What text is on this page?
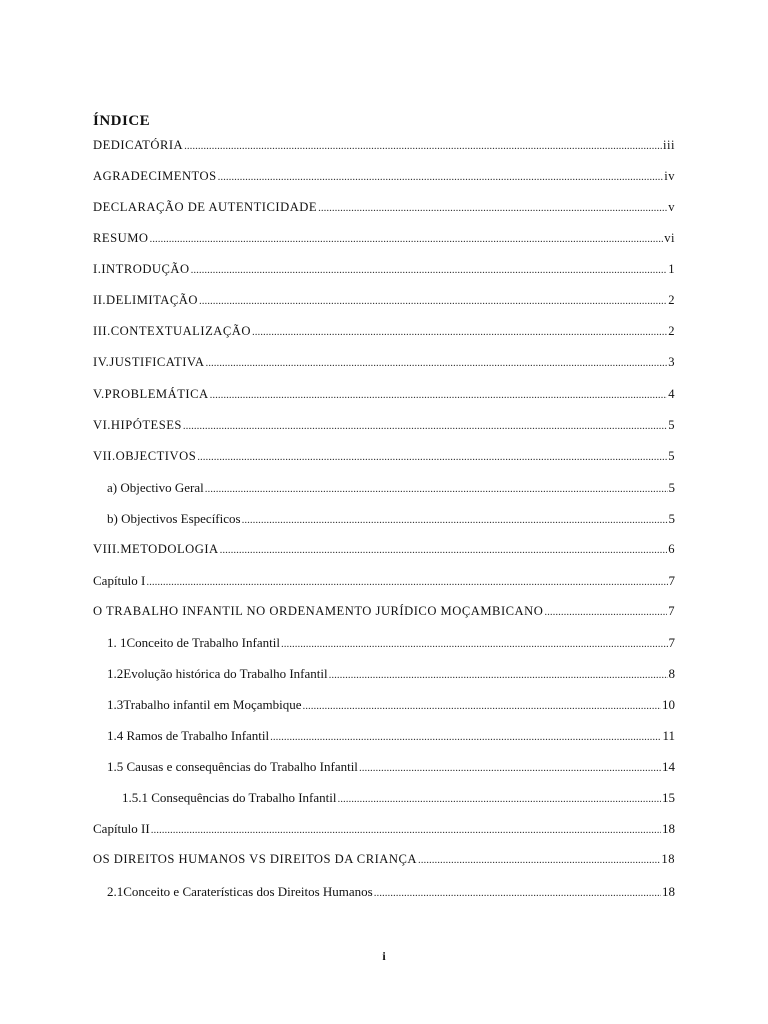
ÍNDICE
DEDICATÓRIA .....	iii
AGRADECIMENTOS .....	iv
DECLARAÇÃO DE AUTENTICIDADE .....	v
RESUMO .....	vi
I.INTRODUÇÃO .....	1
II.DELIMITAÇÃO .....	2
III.CONTEXTUALIZAÇÃO .....	2
IV.JUSTIFICATIVA .....	3
V.PROBLEMÁTICA .....	4
VI.HIPÓTESES .....	5
VII.OBJECTIVOS .....	5
a) Objectivo Geral .....	5
b) Objectivos Específicos .....	5
VIII.METODOLOGIA .....	6
Capítulo I .....	7
O TRABALHO INFANTIL NO ORDENAMENTO JURÍDICO MOÇAMBICANO .....	7
1. 1Conceito de Trabalho Infantil .....	7
1.2Evolução histórica do Trabalho Infantil .....	8
1.3Trabalho infantil em Moçambique .....	10
1.4 Ramos de Trabalho Infantil .....	11
1.5 Causas e consequências do Trabalho Infantil .....	14
1.5.1 Consequências do Trabalho Infantil .....	15
Capítulo II .....	18
OS DIREITOS HUMANOS VS DIREITOS DA CRIANÇA .....	18
2.1Conceito e Caraterísticas dos Direitos Humanos .....	18
i
